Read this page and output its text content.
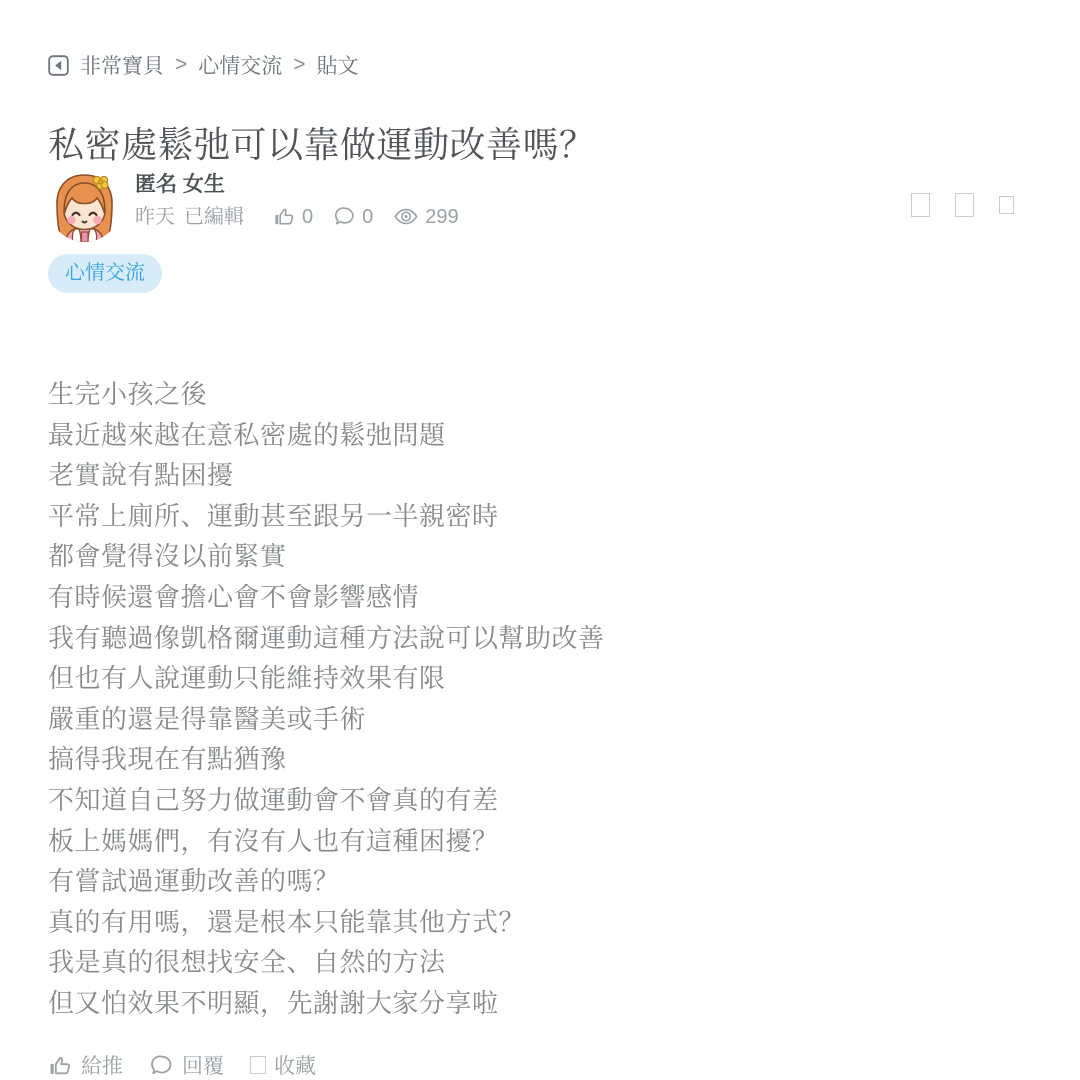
非常寶貝 > 心情交流 > 貼文
私密處鬆弛可以靠做運動改善嗎？
匿名 女生
昨天 已編輯	0 0	299
心情交流
生完小孩之後
最近越來越在意私密處的鬆弛問題
老實說有點困擾
平常上廁所、運動甚至跟另一半親密時
都會覺得沒以前緊實
有時候還會擔心會不會影響感情
我有聽過像凱格爾運動這種方法說可以幫助改善
但也有人說運動只能維持效果有限
嚴重的還是得靠醫美或手術
搞得我現在有點猶豫
不知道自己努力做運動會不會真的有差
板上媽媽們，有沒有人也有這種困擾？
有嘗試過運動改善的嗎？
真的有用嗎，還是根本只能靠其他方式？
我是真的很想找安全、自然的方法
但又怕效果不明顯，先謝謝大家分享啦
給推	回覆 收藏
